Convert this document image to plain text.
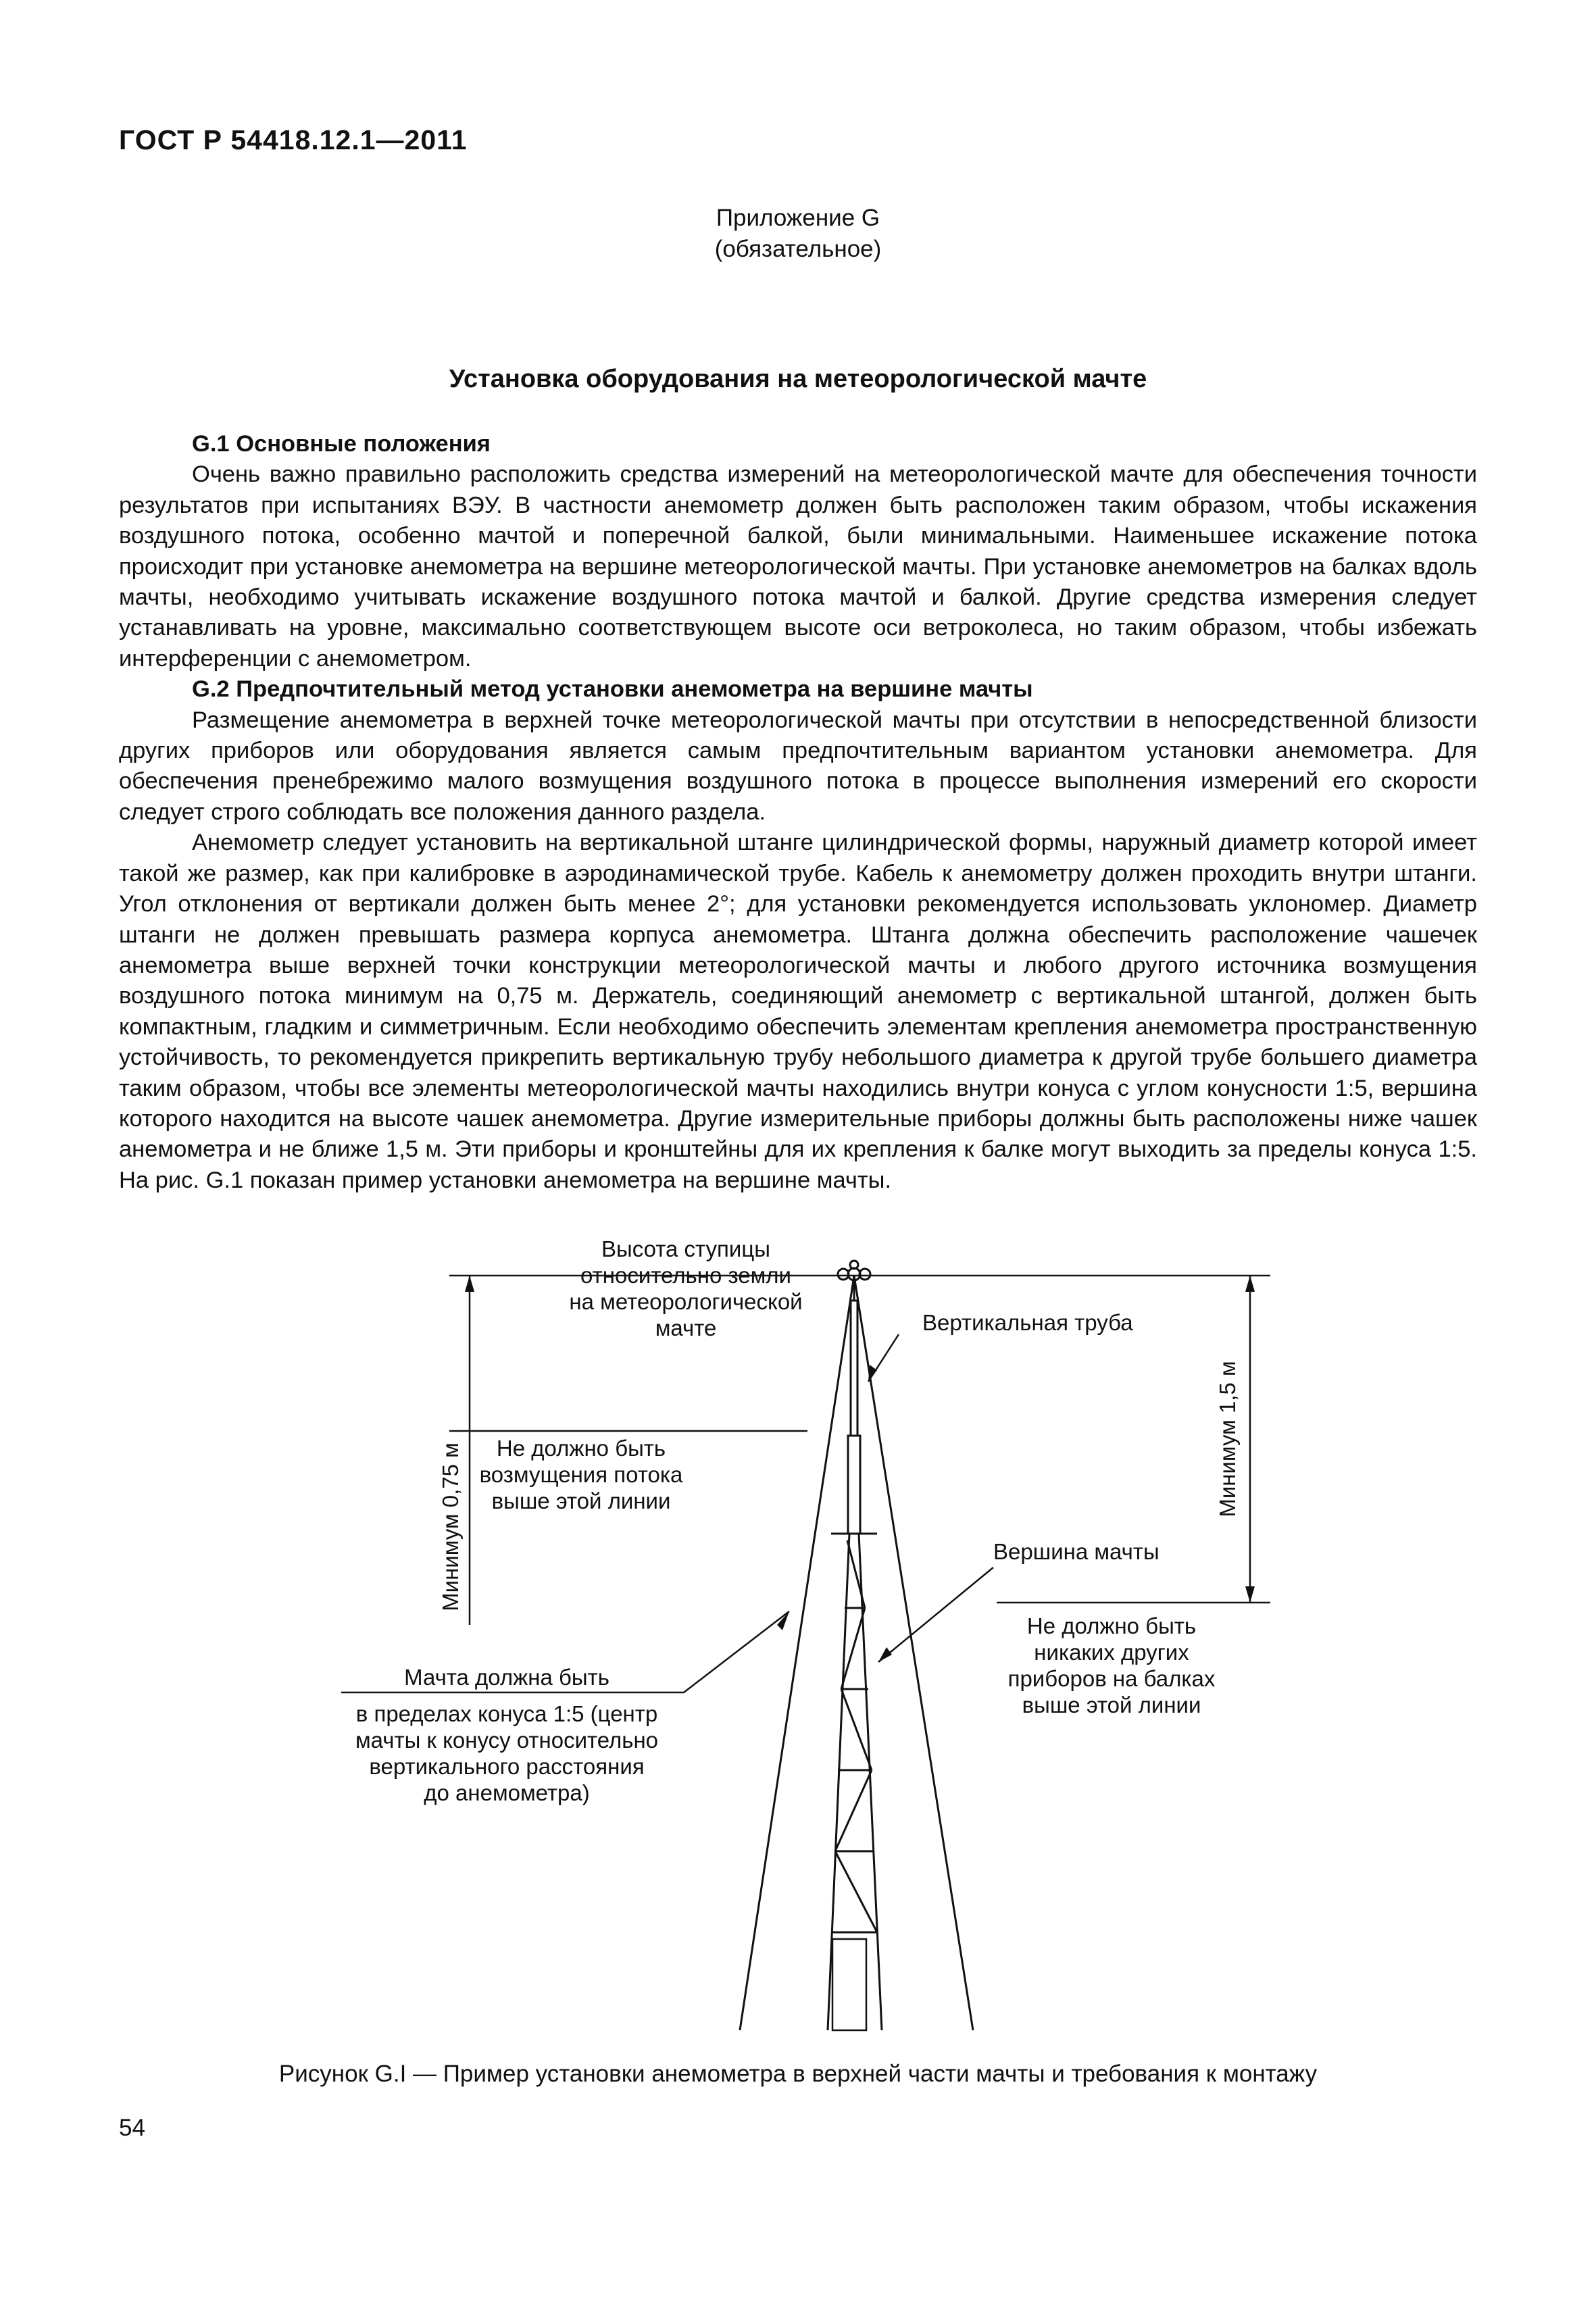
ГОСТ Р 54418.12.1—2011
Приложение G
(обязательное)
Установка оборудования на метеорологической мачте

G.1 Основные положения

Очень важно правильно расположить средства измерений на метеорологической мачте для обеспечения точности результатов при испытаниях ВЭУ. В частности анемометр должен быть расположен таким образом, чтобы искажения воздушного потока, особенно мачтой и поперечной балкой, были минимальными. Наименьшее искажение потока происходит при установке анемометра на вершине метеорологической мачты. При установке анемометров на балках вдоль мачты, необходимо учитывать искажение воздушного потока мачтой и балкой. Другие средства измерения следует устанавливать на уровне, максимально соответствующем высоте оси ветроколеса, но таким образом, чтобы избежать интерференции с анемометром.

G.2 Предпочтительный метод установки анемометра на вершине мачты

Размещение анемометра в верхней точке метеорологической мачты при отсутствии в непосредственной близости других приборов или оборудования является самым предпочтительным вариантом установки анемометра. Для обеспечения пренебрежимо малого возмущения воздушного потока в процессе выполнения измерений его скорости следует строго соблюдать все положения данного раздела.

Анемометр следует установить на вертикальной штанге цилиндрической формы, наружный диаметр которой имеет такой же размер, как при калибровке в аэродинамической трубе. Кабель к анемометру должен проходить внутри штанги. Угол отклонения от вертикали должен быть менее 2°; для установки рекомендуется использовать уклономер. Диаметр штанги не должен превышать размера корпуса анемометра. Штанга должна обеспечить расположение чашечек анемометра выше верхней точки конструкции метеорологической мачты и любого другого источника возмущения воздушного потока минимум на 0,75 м. Держатель, соединяющий анемометр с вертикальной штангой, должен быть компактным, гладким и симметричным. Если необходимо обеспечить элементам крепления анемометра пространственную устойчивость, то рекомендуется прикрепить вертикальную трубу небольшого диаметра к другой трубе большего диаметра таким образом, чтобы все элементы метеорологической мачты находились внутри конуса с углом конусности 1:5, вершина которого находится на высоте чашек анемометра. Другие измерительные приборы должны быть расположены ниже чашек анемометра и не ближе 1,5 м. Эти приборы и кронштейны для их крепления к балке могут выходить за пределы конуса 1:5. На рис. G.1 показан пример установки анемометра на вершине мачты.

Высота ступицы
относительно земли
на метеорологической
мачте	Вертикальная труба
Не должно быть
возмущения потока
выше этой линии
Минимум 0,75 м
Минимум 1,5 м
Вершина мачты
Не должно быть
никаких других
приборов на балках
выше этой линии
Мачта должна быть
в пределах конуса 1:5 (центр
мачты к конусу относительно
вертикального расстояния
до анемометра)
Рисунок G.I — Пример установки анемометра в верхней части мачты и требования к монтажу
54
